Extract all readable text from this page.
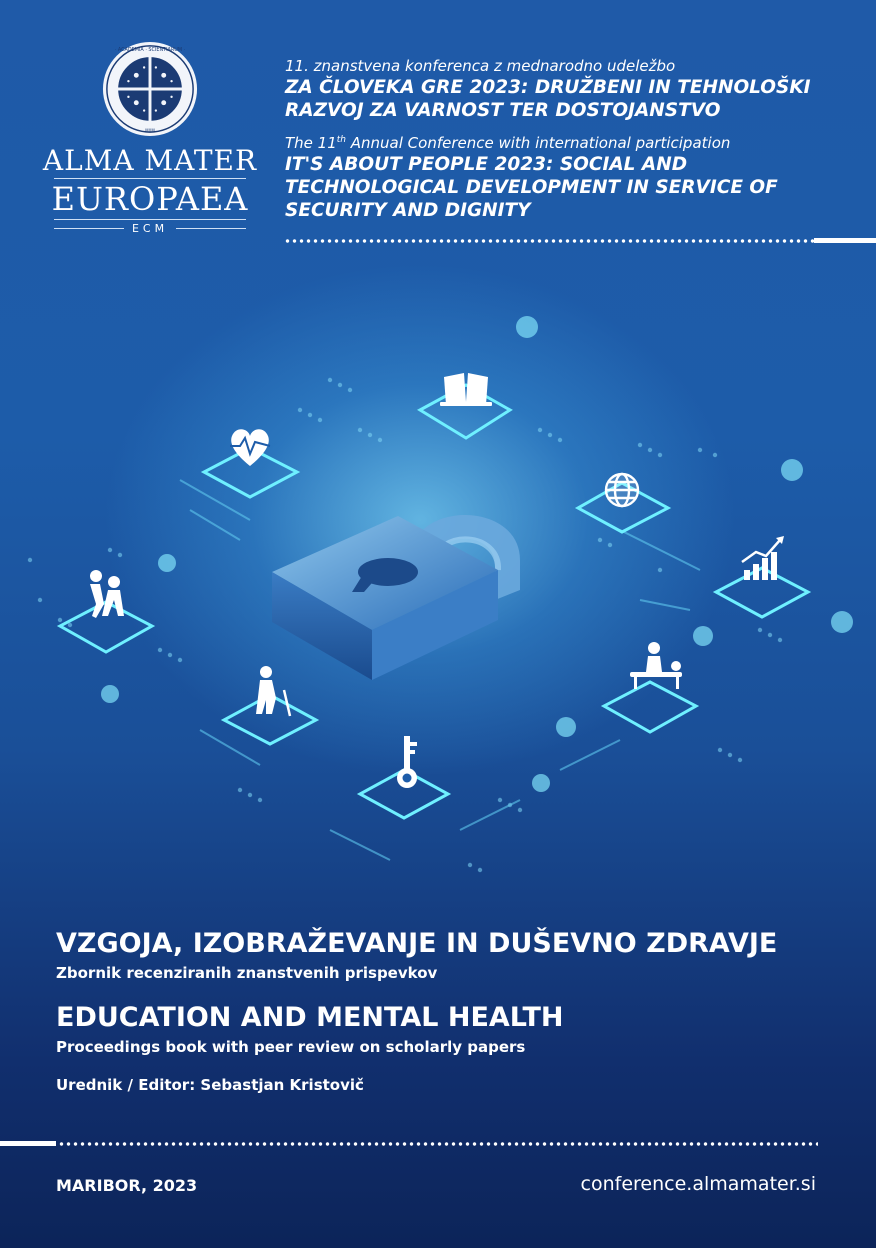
· ACADEMIA · SCIENTIARUM ·
MXM
ALMA MATER
EUROPAEA
ECM
11. znanstvena konferenca z mednarodno udeležbo
ZA ČLOVEKA GRE 2023: DRUŽBENI IN TEHNOLOŠKI RAZVOJ ZA VARNOST TER DOSTOJANSTVO
The 11th Annual Conference with international participation
IT'S ABOUT PEOPLE 2023: SOCIAL AND TECHNOLOGICAL DEVELOPMENT IN SERVICE OF SECURITY AND DIGNITY
VZGOJA, IZOBRAŽEVANJE IN DUŠEVNO ZDRAVJE
Zbornik recenziranih znanstvenih prispevkov
EDUCATION AND MENTAL HEALTH
Proceedings book with peer review on scholarly papers
Urednik / Editor: Sebastjan Kristovič
MARIBOR, 2023	conference.almamater.si
